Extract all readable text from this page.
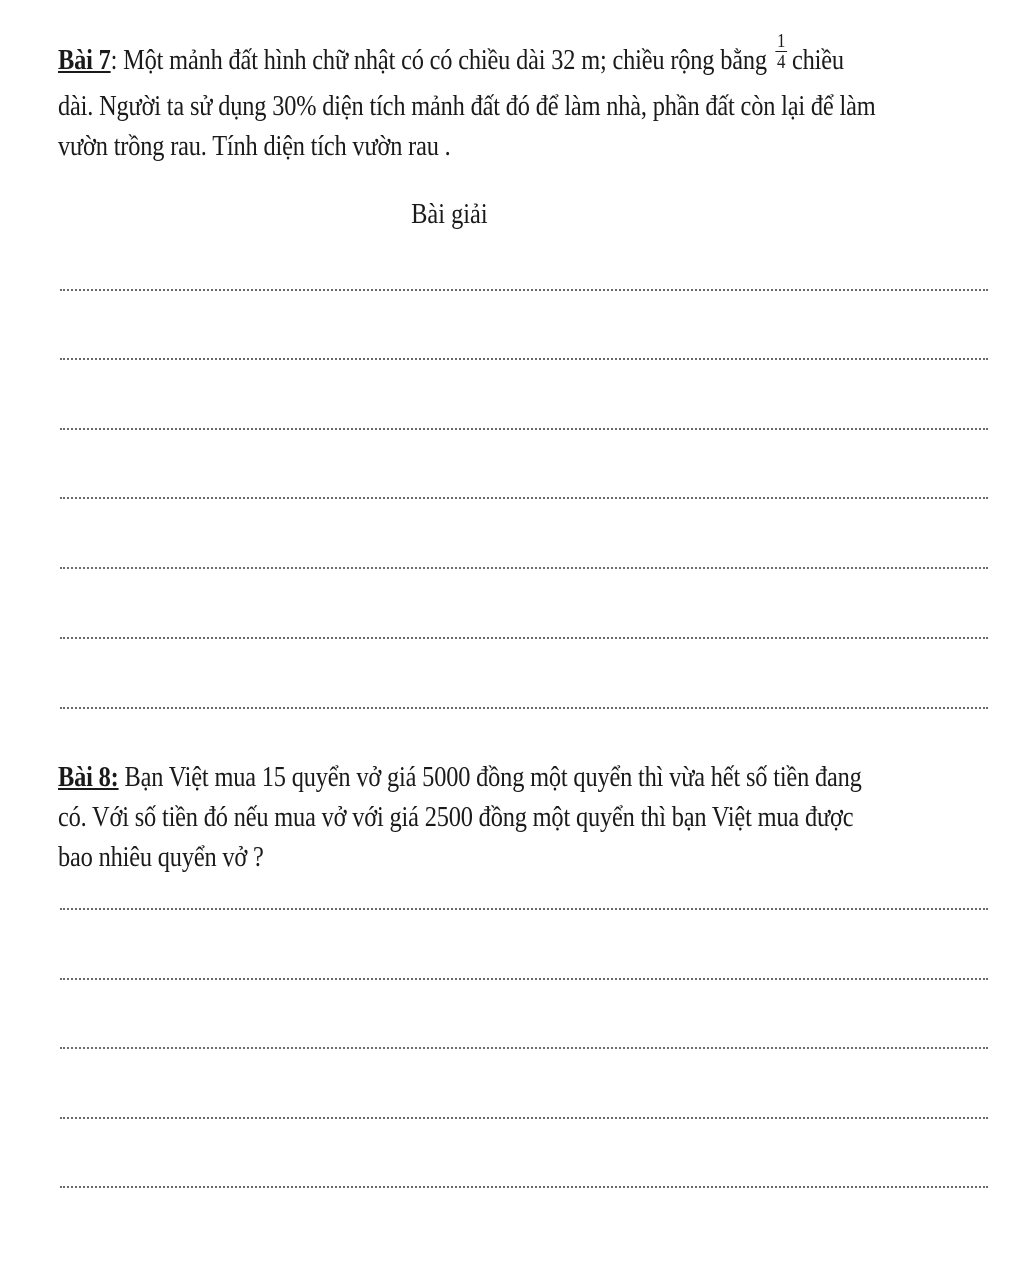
Bài 7: Một mảnh đất hình chữ nhật có có chiều dài 32 m; chiều rộng bằng $\frac{1}{4}$ chiều
dài. Người ta sử dụng 30% diện tích mảnh đất đó để làm nhà, phần đất còn lại để làm
vườn trồng rau. Tính diện tích vườn rau .
Bài giải
Bài 8: Bạn Việt mua 15 quyển vở giá 5000 đồng một quyển thì vừa hết số tiền đang
có. Với số tiền đó nếu mua vở với giá 2500 đồng một quyển thì bạn Việt mua được
bao nhiêu quyển vở ?
